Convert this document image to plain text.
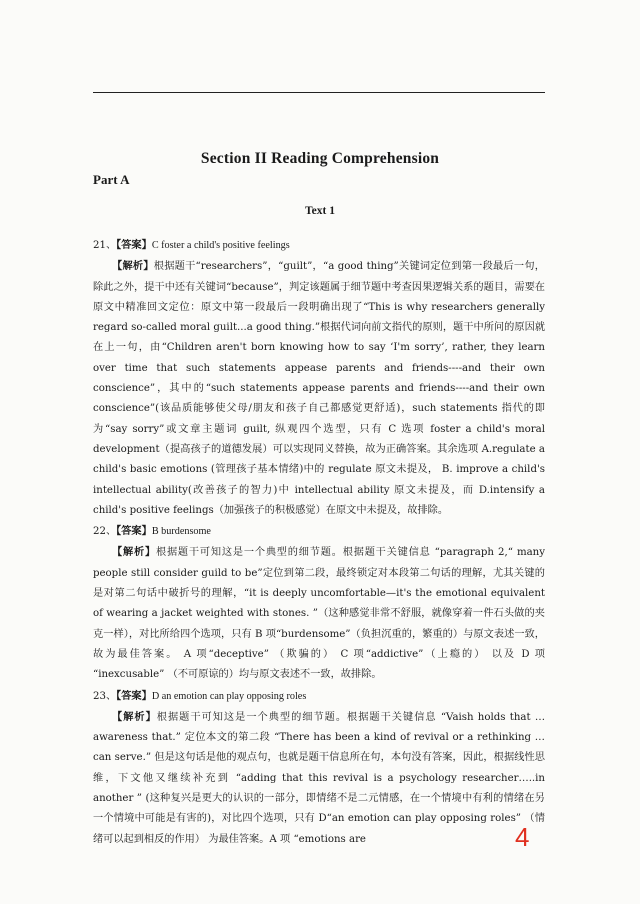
Section II Reading Comprehension
Part A
Text 1

21、【答案】C foster a child's positive feelings

【解析】根据题干“researchers”，“guilt”，“a good thing”关键词定位到第一段最后一句，除此之外，提干中还有关键词“because”，判定该题属于细节题中考查因果逻辑关系的题目，需要在原文中精准回文定位：原文中第一段最后一段明确出现了“This is why researchers generally regard so-called moral guilt...a good thing.”根据代词向前文指代的原则，题干中所问的原因就在上一句，由“Children aren't born knowing how to say ‘I'm sorry’, rather, they learn over time that such statements appease parents and friends----and their own conscience”，其中的“such statements appease parents and friends----and their own conscience”(该品质能够使父母/朋友和孩子自己都感觉更舒适)，such statements 指代的即为“say sorry”或文章主题词 guilt, 纵观四个选型，只有 C 选项 foster a child's moral development（提高孩子的道德发展）可以实现同义替换，故为正确答案。其余选项 A.regulate a child's basic emotions (管理孩子基本情绪)中的 regulate 原文未提及， B. improve a child's intellectual ability(改善孩子的智力)中 intellectual ability 原文未提及，而 D.intensify a child's positive feelings（加强孩子的积极感觉）在原文中未提及，故排除。

22、【答案】B burdensome

【解析】根据题干可知这是一个典型的细节题。根据题干关键信息 “paragraph 2,“ many people still consider guild to be”定位到第二段，最终锁定对本段第二句话的理解，尤其关键的是对第二句话中破折号的理解，“it is deeply uncomfortable—it's the emotional equivalent of wearing a jacket weighted with stones. ”（这种感觉非常不舒服，就像穿着一件石头做的夹克一样），对比所给四个选项，只有 B 项“burdensome”（负担沉重的，繁重的）与原文表述一致，故为最佳答案。 A 项“deceptive” （欺骗的） C 项“addictive”（上瘾的） 以及 D 项 “inexcusable” （不可原谅的）均与原文表述不一致，故排除。

23、【答案】D an emotion can play opposing roles

【解析】根据题干可知这是一个典型的细节题。根据题干关键信息 “Vaish holds that …awareness that.” 定位本文的第二段 “There has been a kind of revival or a rethinking …can serve.” 但是这句话是他的观点句，也就是题干信息所在句，本句没有答案，因此，根据线性思维，下文他又继续补充到 “adding that this revival is a psychology researcher…..in another ” (这种复兴是更大的认识的一部分，即情绪不是二元情感，在一个情境中有利的情绪在另一个情境中可能是有害的)，对比四个选项，只有 D“an emotion can play opposing roles” （情绪可以起到相反的作用） 为最佳答案。A 项 “emotions are	4
